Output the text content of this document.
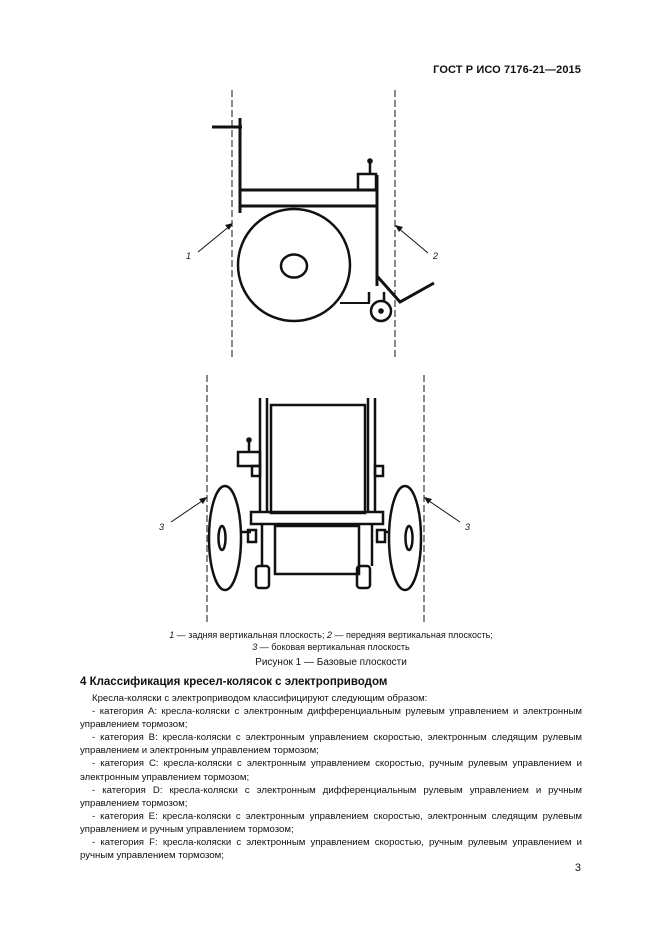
ГОСТ Р ИСО 7176-21—2015
1	2
3	3
1 — задняя вертикальная плоскость; 2 — передняя вертикальная плоскость;
3 — боковая вертикальная плоскость
Рисунок 1 — Базовые плоскости
4 Классификация кресел-колясок с электроприводом

Кресла-коляски с электроприводом классифицируют следующим образом:

- категория А: кресла-коляски с электронным дифференциальным рулевым управлением и электронным управлением тормозом;

- категория В: кресла-коляски с электронным управлением скоростью, электронным следящим рулевым управлением и электронным управлением тормозом;

- категория С: кресла-коляски с электронным управлением скоростью, ручным рулевым управлением и электронным управлением тормозом;

- категория D: кресла-коляски с электронным дифференциальным рулевым управлением и ручным управлением тормозом;

- категория Е: кресла-коляски с электронным управлением скоростью, электронным следящим рулевым управлением и ручным управлением тормозом;

- категория F: кресла-коляски с электронным управлением скоростью, ручным рулевым управлением и ручным управлением тормозом;

3
